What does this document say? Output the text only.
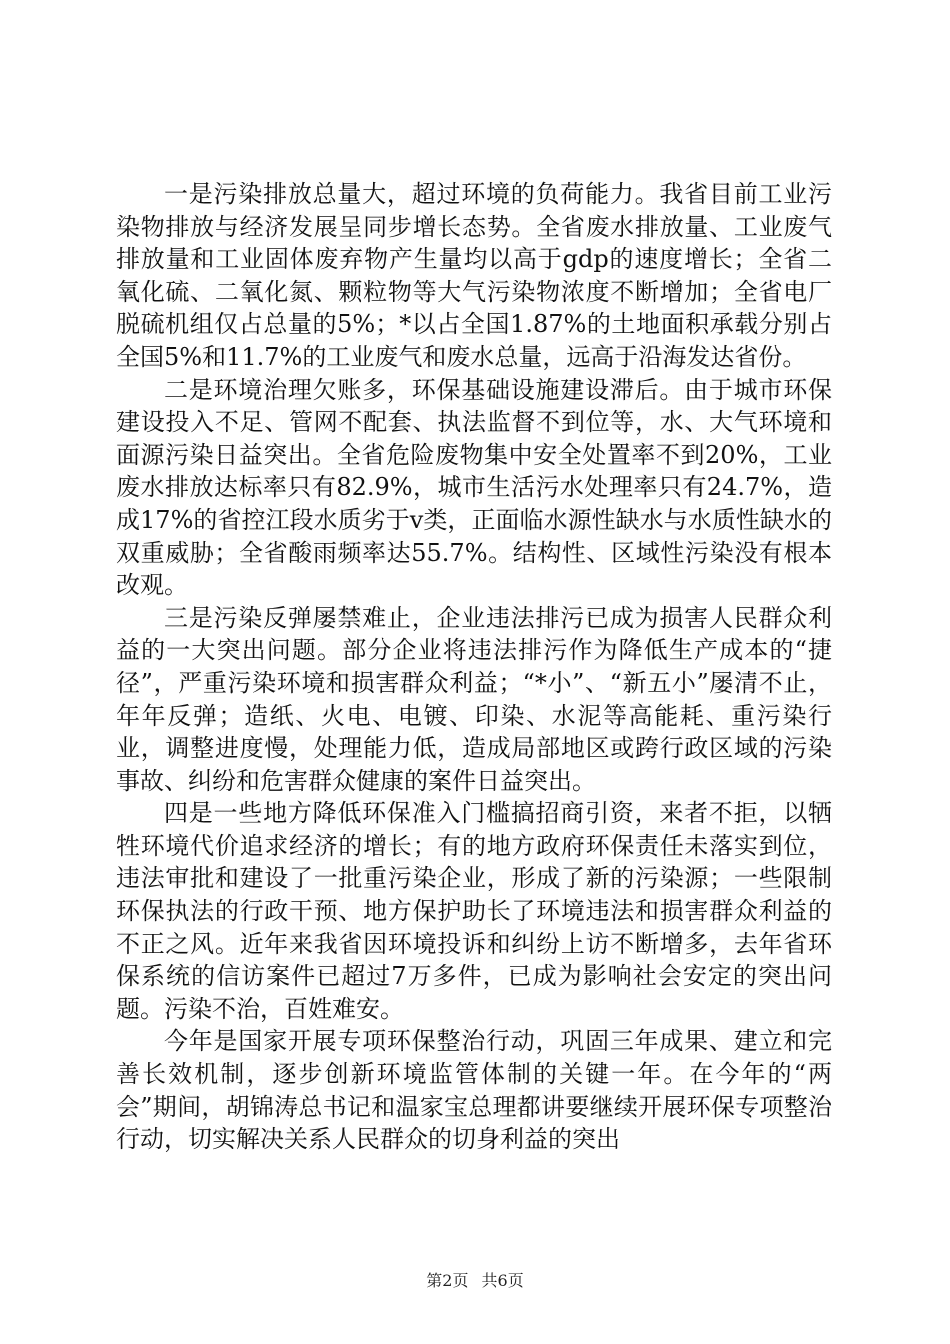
一是污染排放总量大，超过环境的负荷能力。我省目前工业污染物排放与经济发展呈同步增长态势。全省废水排放量、工业废气排放量和工业固体废弃物产生量均以高于gdp的速度增长；全省二氧化硫、二氧化氮、颗粒物等大气污染物浓度不断增加；全省电厂脱硫机组仅占总量的5%；*以占全国1.87%的土地面积承载分别占全国5%和11.7%的工业废气和废水总量，远高于沿海发达省份。

二是环境治理欠账多，环保基础设施建设滞后。由于城市环保建设投入不足、管网不配套、执法监督不到位等，水、大气环境和面源污染日益突出。全省危险废物集中安全处置率不到20%，工业废水排放达标率只有82.9%，城市生活污水处理率只有24.7%，造成17%的省控江段水质劣于v类，正面临水源性缺水与水质性缺水的双重威胁；全省酸雨频率达55.7%。结构性、区域性污染没有根本改观。

三是污染反弹屡禁难止，企业违法排污已成为损害人民群众利益的一大突出问题。部分企业将违法排污作为降低生产成本的“捷径”，严重污染环境和损害群众利益；“*小”、“新五小”屡清不止，年年反弹；造纸、火电、电镀、印染、水泥等高能耗、重污染行业，调整进度慢，处理能力低，造成局部地区或跨行政区域的污染事故、纠纷和危害群众健康的案件日益突出。

四是一些地方降低环保准入门槛搞招商引资，来者不拒，以牺牲环境代价追求经济的增长；有的地方政府环保责任未落实到位，违法审批和建设了一批重污染企业，形成了新的污染源；一些限制环保执法的行政干预、地方保护助长了环境违法和损害群众利益的不正之风。近年来我省因环境投诉和纠纷上访不断增多，去年省环保系统的信访案件已超过7万多件，已成为影响社会安定的突出问题。污染不治，百姓难安。

今年是国家开展专项环保整治行动，巩固三年成果、建立和完善长效机制，逐步创新环境监管体制的关键一年。在今年的“两会”期间，胡锦涛总书记和温家宝总理都讲要继续开展环保专项整治行动，切实解决关系人民群众的切身利益的突出

第2页 共6页
